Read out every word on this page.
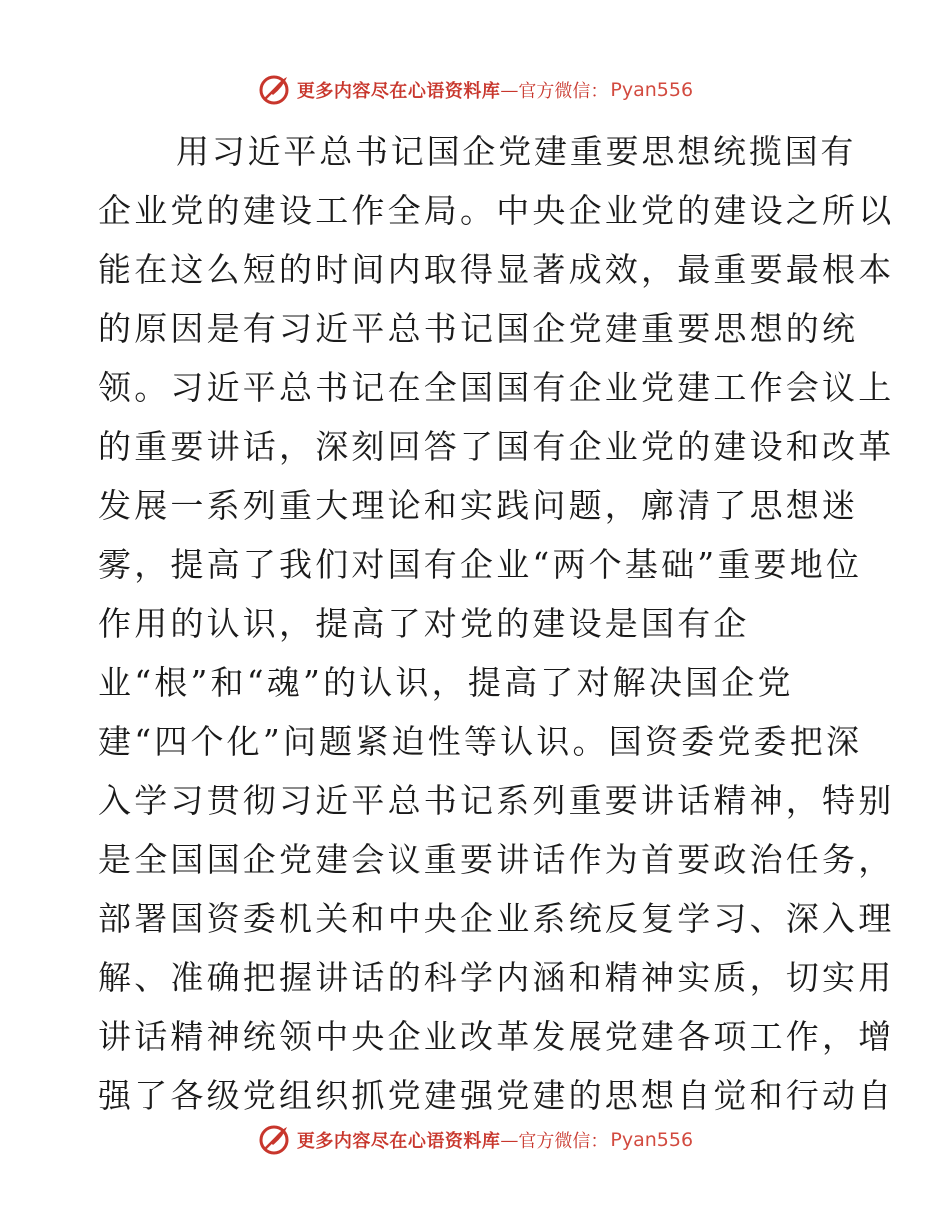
更多内容尽在心语资料库 — 官方微信： Pyan556
用习近平总书记国企党建重要思想统揽国有
企业党的建设工作全局。中央企业党的建设之所以
能在这么短的时间内取得显著成效，最重要最根本
的原因是有习近平总书记国企党建重要思想的统
领。习近平总书记在全国国有企业党建工作会议上
的重要讲话，深刻回答了国有企业党的建设和改革
发展一系列重大理论和实践问题，廓清了思想迷
雾，提高了我们对国有企业“两个基础”重要地位
作用的认识，提高了对党的建设是国有企
业“根”和“魂”的认识，提高了对解决国企党
建“四个化”问题紧迫性等认识。国资委党委把深
入学习贯彻习近平总书记系列重要讲话精神，特别
是全国国企党建会议重要讲话作为首要政治任务，
部署国资委机关和中央企业系统反复学习、深入理
解、准确把握讲话的科学内涵和精神实质，切实用
讲话精神统领中央企业改革发展党建各项工作，增
强了各级党组织抓党建强党建的思想自觉和行动自
更多内容尽在心语资料库 — 官方微信： Pyan556
